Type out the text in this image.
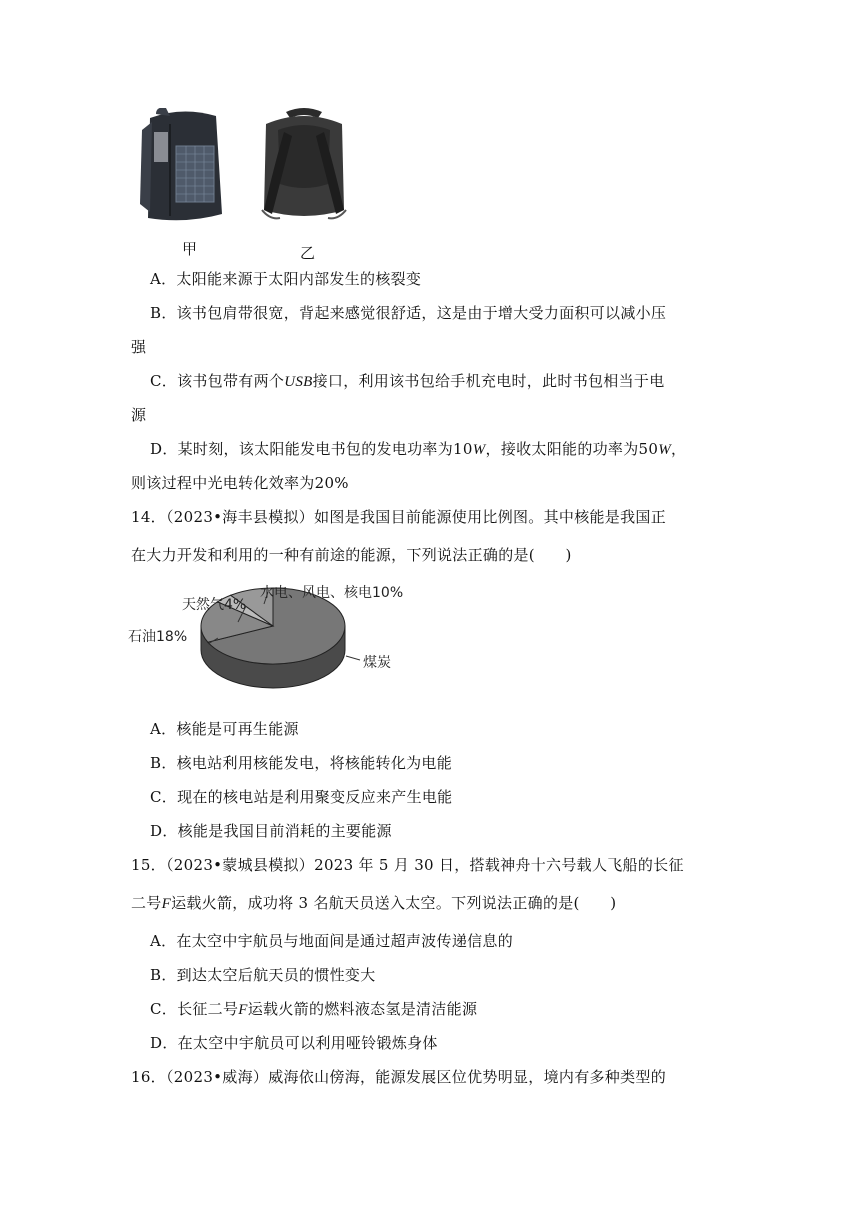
甲	乙
A．太阳能来源于太阳内部发生的核裂变
B．该书包肩带很宽，背起来感觉很舒适，这是由于增大受力面积可以减小压
强
C．该书包带有两个USB接口，利用该书包给手机充电时，此时书包相当于电
源
D．某时刻，该太阳能发电书包的发电功率为10W，接收太阳能的功率为50W，
则该过程中光电转化效率为20%
14．（2023•海丰县模拟）如图是我国目前能源使用比例图。其中核能是我国正
在大力开发和利用的一种有前途的能源，下列说法正确的是(　　)
石油18%
天然气4%
水电、风电、核电10%
煤炭
A．核能是可再生能源
B．核电站利用核能发电，将核能转化为电能
C．现在的核电站是利用聚变反应来产生电能
D．核能是我国目前消耗的主要能源
15．（2023•蒙城县模拟）2023 年 5 月 30 日，搭载神舟十六号载人飞船的长征
二号F运载火箭，成功将 3 名航天员送入太空。下列说法正确的是(　　)
A．在太空中宇航员与地面间是通过超声波传递信息的
B．到达太空后航天员的惯性变大
C．长征二号F运载火箭的燃料液态氢是清洁能源
D．在太空中宇航员可以利用哑铃锻炼身体
16．（2023•威海）威海依山傍海，能源发展区位优势明显，境内有多种类型的
